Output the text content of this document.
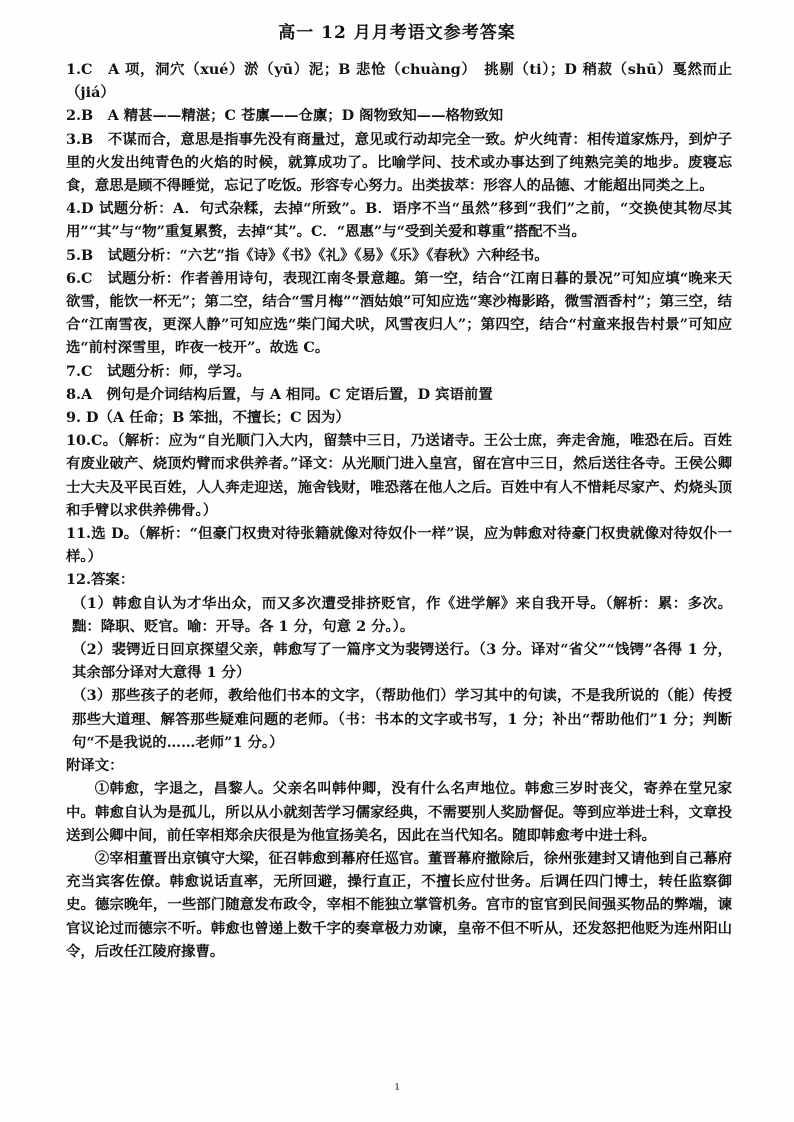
高一 12 月月考语文参考答案

1.C　A 项，洞穴（xué）淤（yū）泥；B 悲怆（chuàng）　挑剔（ti）；D 稍菽（shū）戛然而止（jiá）

2.B　A 精甚——精湛；C 苍廪——仓廪；D 阁物致知——格物致知

3.B　不谋而合，意思是指事先没有商量过，意见或行动却完全一致。炉火纯青：相传道家炼丹，到炉子里的火发出纯青色的火焰的时候，就算成功了。比喻学问、技术或办事达到了纯熟完美的地步。废寝忘食，意思是顾不得睡觉，忘记了吃饭。形容专心努力。出类拔萃：形容人的品德、才能超出同类之上。

4.D 试题分析：A．句式杂糅，去掉“所致”。B．语序不当“虽然”移到“我们”之前，“交换使其物尽其用”“其”与“物”重复累赘，去掉“其”。C．“恩惠”与“受到关爱和尊重”搭配不当。

5.B　试题分析：“六艺”指《诗》《书》《礼》《易》《乐》《春秋》六种经书。

6.C　试题分析：作者善用诗句，表现江南冬景意趣。第一空，结合“江南日暮的景况”可知应填“晚来天欲雪，能饮一杯无”；第二空，结合“雪月梅”“酒姑娘”可知应选“寒沙梅影路，微雪酒香村”；第三空，结合“江南雪夜，更深人静”可知应选“柴门闻犬吠，风雪夜归人”；第四空，结合“村童来报告村景”可知应选“前村深雪里，昨夜一枝开”。故选 C。

7.C　试题分析：师，学习。

8.A　例句是介词结构后置，与 A 相同。C 定语后置，D 宾语前置

9. D（A 任命；B 笨拙，不擅长；C 因为）

10.C。（解析：应为“自光顺门入大内，留禁中三日，乃送诸寺。王公士庶，奔走舍施，唯恐在后。百姓有废业破产、烧顶灼臂而求供养者。”译文：从光顺门进入皇宫，留在宫中三日，然后送往各寺。王侯公卿士大夫及平民百姓，人人奔走迎送，施舍钱财，唯恐落在他人之后。百姓中有人不惜耗尽家产、灼烧头顶和手臂以求供养佛骨。）

11.选 D。（解析：“但豪门权贵对待张籍就像对待奴仆一样”误，应为韩愈对待豪门权贵就像对待奴仆一样。）

12.答案：

（1）韩愈自认为才华出众，而又多次遭受排挤贬官，作《进学解》来自我开导。（解析：累：多次。黜：降职、贬官。喻：开导。各 1 分，句意 2 分。）。

（2）裴锷近日回京探望父亲，韩愈写了一篇序文为裴锷送行。（3 分。译对“省父”“饯锷”各得 1 分，其余部分译对大意得 1 分）

（3）那些孩子的老师，教给他们书本的文字，（帮助他们）学习其中的句读，不是我所说的（能）传授那些大道理、解答那些疑难问题的老师。（书：书本的文字或书写，1 分；补出“帮助他们”1 分；判断句“不是我说的……老师”1 分。）

附译文：

①韩愈，字退之，昌黎人。父亲名叫韩仲卿，没有什么名声地位。韩愈三岁时丧父，寄养在堂兄家中。韩愈自认为是孤儿，所以从小就刻苦学习儒家经典，不需要别人奖励督促。等到应举进士科，文章投送到公卿中间，前任宰相郑余庆很是为他宣扬美名，因此在当代知名。随即韩愈考中进士科。

②宰相董晋出京镇守大梁，征召韩愈到幕府任巡官。董晋幕府撤除后，徐州张建封又请他到自己幕府充当宾客佐僚。韩愈说话直率，无所回避，操行直正，不擅长应付世务。后调任四门博士，转任监察御史。德宗晚年，一些部门随意发布政令，宰相不能独立掌管机务。宫市的宦官到民间强买物品的弊端，谏官议论过而德宗不听。韩愈也曾递上数千字的奏章极力劝谏，皇帝不但不听从，还发怒把他贬为连州阳山令，后改任江陵府掾曹。

1
